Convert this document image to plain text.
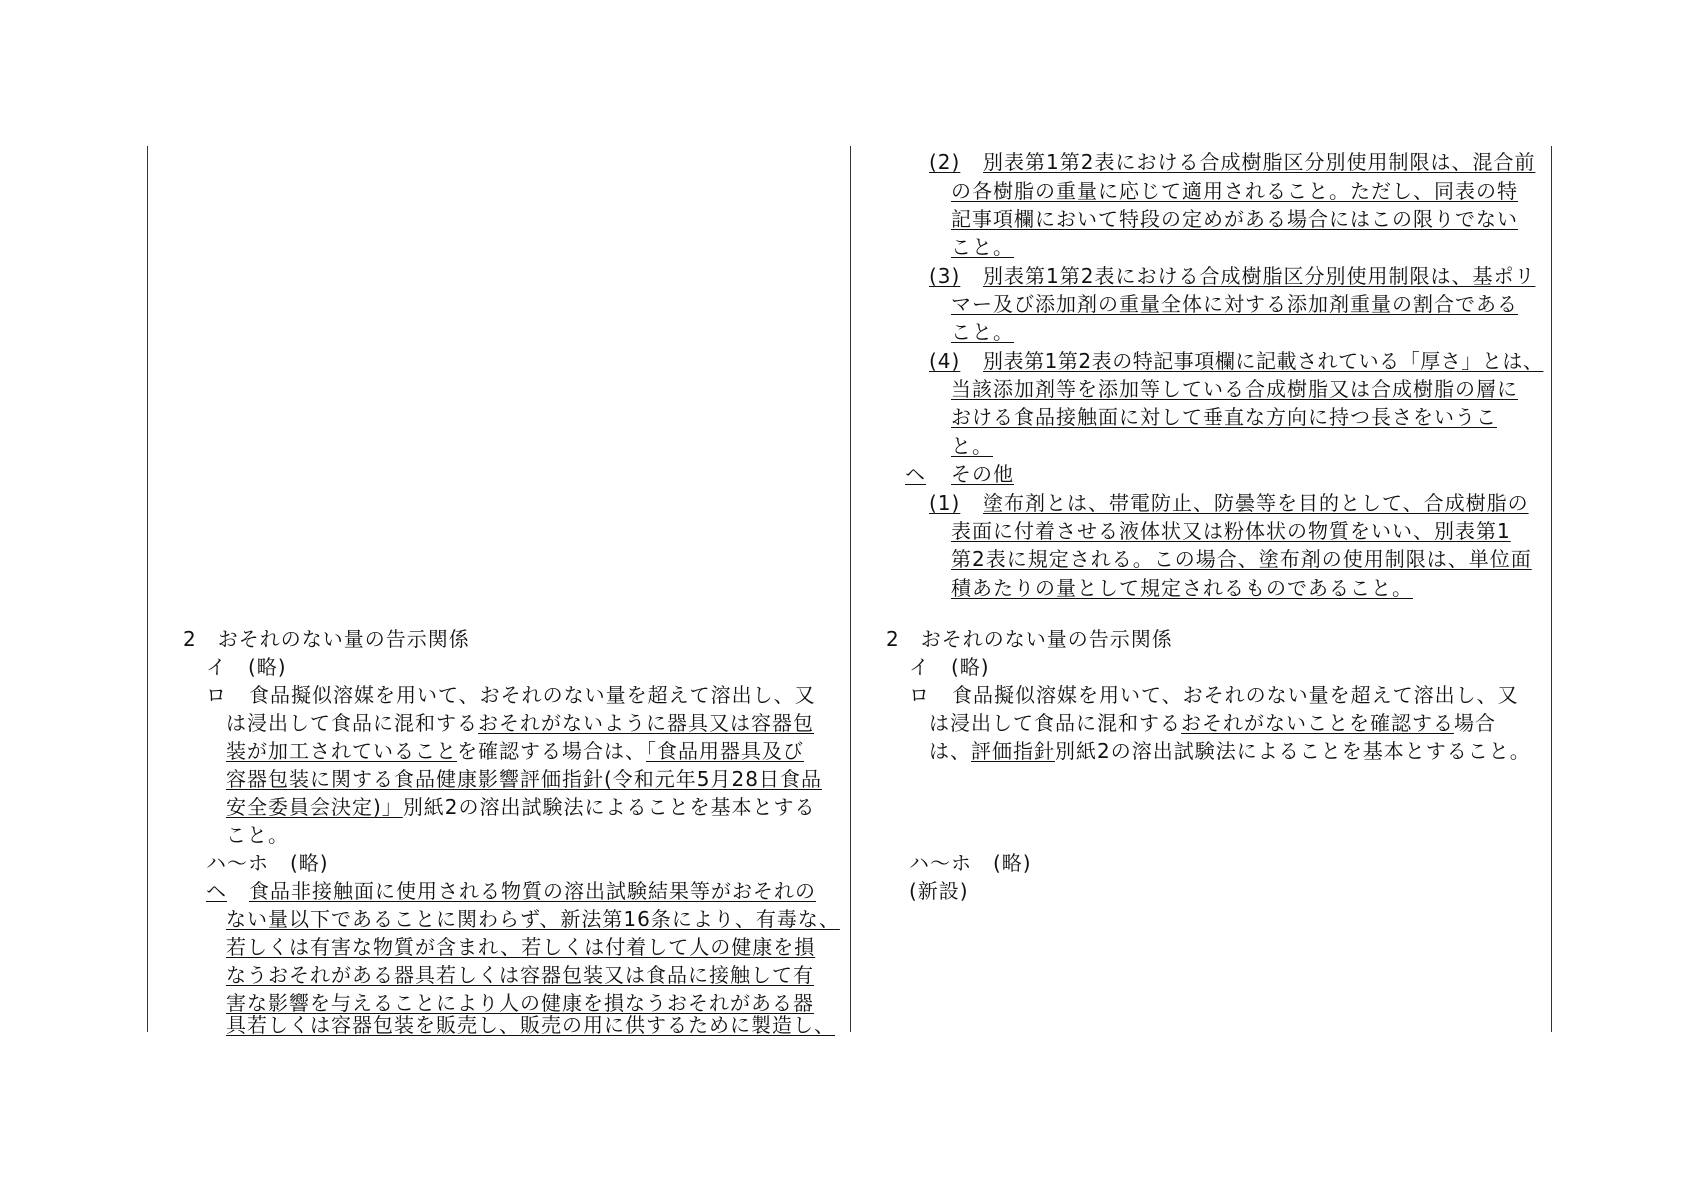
(2) 別表第1第2表における合成樹脂区分別使用制限は、混合前
の各樹脂の重量に応じて適用されること。ただし、同表の特
記事項欄において特段の定めがある場合にはこの限りでない
こと。
(3) 別表第1第2表における合成樹脂区分別使用制限は、基ポリ
マー及び添加剤の重量全体に対する添加剤重量の割合である
こと。
(4) 別表第1第2表の特記事項欄に記載されている「厚さ」とは、
当該添加剤等を添加等している合成樹脂又は合成樹脂の層に
おける食品接触面に対して垂直な方向に持つ長さをいうこ
と。
ヘ その他
(1) 塗布剤とは、帯電防止、防曇等を目的として、合成樹脂の
表面に付着させる液体状又は粉体状の物質をいい、別表第1
第2表に規定される。この場合、塗布剤の使用制限は、単位面
積あたりの量として規定されるものであること。
2　おそれのない量の告示関係
イ　(略)
ロ 食品擬似溶媒を用いて、おそれのない量を超えて溶出し、又
は浸出して食品に混和するおそれがないように器具又は容器包
装が加工されていることを確認する場合は、「食品用器具及び
容器包装に関する食品健康影響評価指針(令和元年5月28日食品
安全委員会決定)」別紙2の溶出試験法によることを基本とする
こと。
ハ～ホ　(略)
ヘ 食品非接触面に使用される物質の溶出試験結果等がおそれの
ない量以下であることに関わらず、新法第16条により、有毒な、
若しくは有害な物質が含まれ、若しくは付着して人の健康を損
なうおそれがある器具若しくは容器包装又は食品に接触して有
害な影響を与えることにより人の健康を損なうおそれがある器
具若しくは容器包装を販売し、販売の用に供するために製造し、
2　おそれのない量の告示関係
イ　(略)
ロ 食品擬似溶媒を用いて、おそれのない量を超えて溶出し、又
は浸出して食品に混和するおそれがないことを確認する場合
は、評価指針別紙2の溶出試験法によることを基本とすること。
ハ～ホ　(略)
(新設)
